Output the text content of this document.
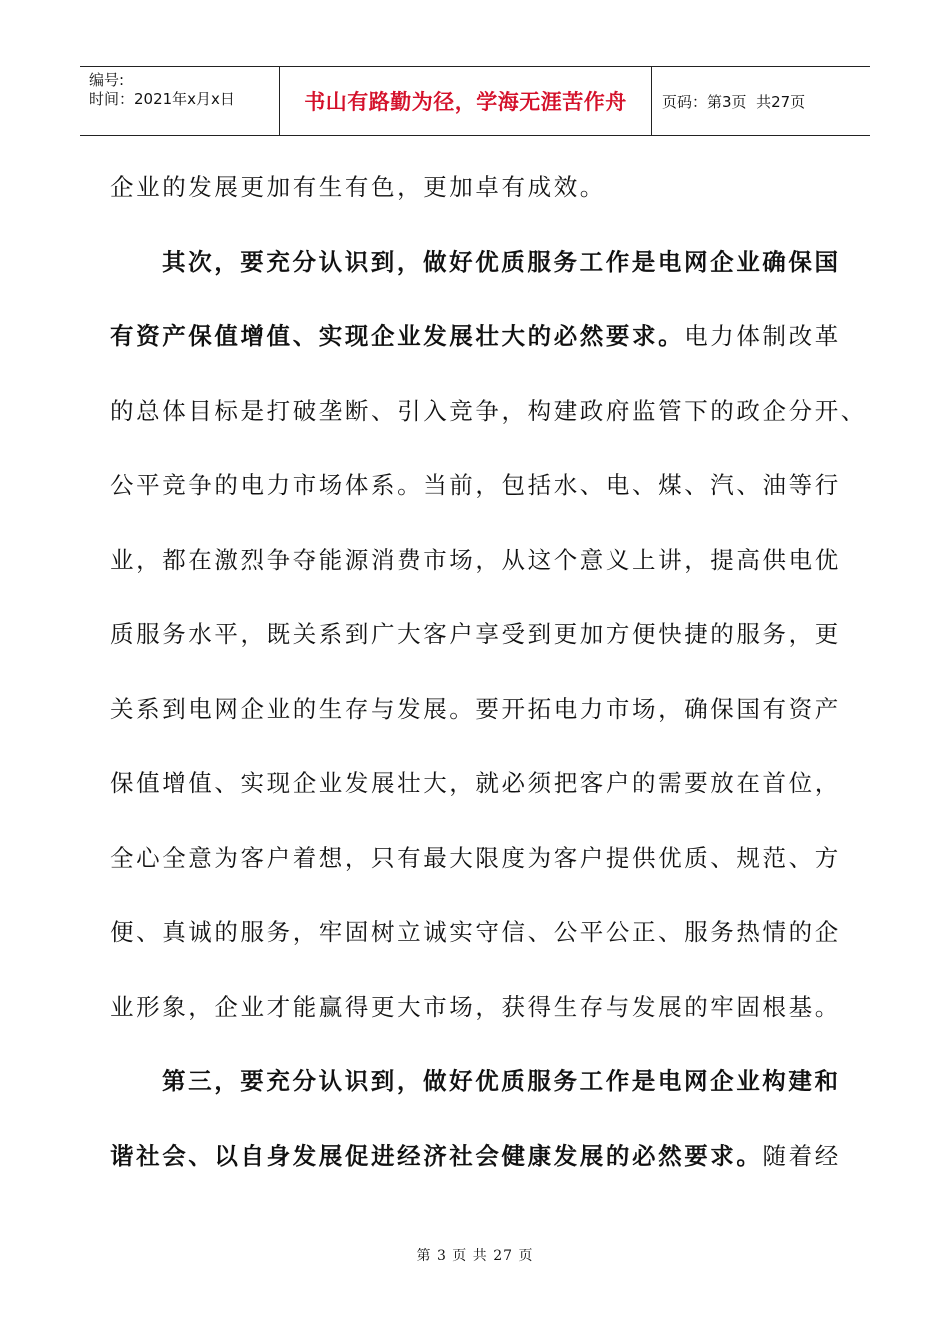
编号:
时间：2021年x月x日	书山有路勤为径，学海无涯苦作舟	页码：第3页  共27页
企业的发展更加有生有色，更加卓有成效。
其次，要充分认识到，做好优质服务工作是电网企业确保国
有资产保值增值、实现企业发展壮大的必然要求。电力体制改革
的总体目标是打破垄断、引入竞争，构建政府监管下的政企分开、
公平竞争的电力市场体系。当前，包括水、电、煤、汽、油等行
业，都在激烈争夺能源消费市场，从这个意义上讲，提高供电优
质服务水平，既关系到广大客户享受到更加方便快捷的服务，更
关系到电网企业的生存与发展。要开拓电力市场，确保国有资产
保值增值、实现企业发展壮大，就必须把客户的需要放在首位，
全心全意为客户着想，只有最大限度为客户提供优质、规范、方
便、真诚的服务，牢固树立诚实守信、公平公正、服务热情的企
业形象，企业才能赢得更大市场，获得生存与发展的牢固根基。
第三，要充分认识到，做好优质服务工作是电网企业构建和
谐社会、以自身发展促进经济社会健康发展的必然要求。随着经
第 3 页 共 27 页
